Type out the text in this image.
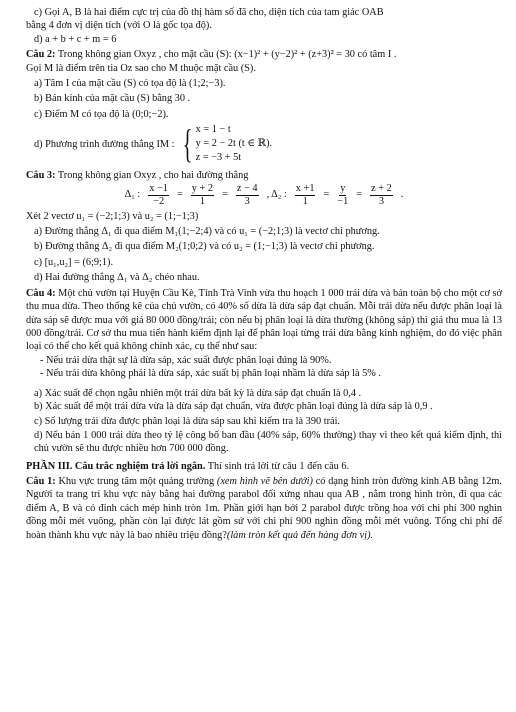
c) Gọi A, B là hai điểm cực trị của đồ thị hàm số đã cho, diện tích của tam giác OAB

bằng 4 đơn vị diện tích (với O là gốc tọa độ).

d) a + b + c + m = 6

Câu 2: Trong không gian Oxyz , cho mặt cầu (S): (x−1)² + (y−2)² + (z+3)² = 30 có tâm I .

Gọi M là điểm trên tia Oz sao cho M thuộc mặt cầu (S).

a) Tâm I của mặt cầu (S) có tọa độ là (1;2;−3).

b) Bán kính của mặt cầu (S) bằng 30 .

c) Điểm M có tọa độ là (0;0;−2).

d) Phương trình đường thẳng IM : { x = 1 − t
y = 2 − 2t (t ∈ ℝ).
z = −3 + 5t

Câu 3: Trong không gian Oxyz , cho hai đường thẳng

Δ₁ : $\frac{x -1}{-2} = \frac{y + 2}{1} = \frac{z - 4}{3}$ , Δ₂ : $\frac{x +1}{1} = \frac{y}{-1} = \frac{z + 2}{3}$ .

Xét 2 vectơ u₁ = (−2;1;3) và u₂ = (1;−1;3)

a) Đường thẳng Δ₁ đi qua điểm M₁(1;−2;4) và có u₁ = (−2;1;3) là vectơ chỉ phương.

b) Đường thẳng Δ₂ đi qua điểm M₂(1;0;2) và có u₂ = (1;−1;3) là vectơ chỉ phương.

c) [u₁,u₂] = (6;9;1).

d) Hai đường thẳng Δ₁ và Δ₂ chéo nhau.

Câu 4: Một chủ vườn tại Huyện Cầu Kè, Tỉnh Trà Vinh vừa thu hoạch 1 000 trái dừa và bán toàn bộ cho một cơ sở thu mua dừa. Theo thống kê của chủ vườn, có 40% số dừa là dừa sáp đạt chuẩn. Mỗi trái dừa nếu được phân loại là dừa sáp sẽ được mua với giá 80 000 đồng/trái; còn nếu bị phân loại là dừa thường (không sáp) thì giá thu mua là 13 000 đồng/trái. Cơ sở thu mua tiến hành kiểm định lại để phân loại từng trái dừa bằng kinh nghiệm, do đó việc phân loại có thể cho kết quả không chính xác, cụ thể như sau:

- Nếu trái dừa thật sự là dừa sáp, xác suất được phân loại đúng là 90%.

- Nếu trái dừa không phải là dừa sáp, xác suất bị phân loại nhầm là dừa sáp là 5% .

a) Xác suất để chọn ngẫu nhiên một trái dừa bất kỳ là dừa sáp đạt chuẩn là 0,4 .

b) Xác suất để một trái dừa vừa là dừa sáp đạt chuẩn, vừa được phân loại đúng là dừa sáp là 0,9 .

c) Số lượng trái dừa được phân loại là dừa sáp sau khi kiểm tra là 390 trái.

d) Nếu bán 1 000 trái dừa theo tỷ lệ công bố ban đầu (40% sáp, 60% thường) thay vì theo kết quả kiểm định, thì chủ vườn sẽ thu được nhiều hơn 700 000 đồng.

PHẦN III. Câu trắc nghiệm trả lời ngắn. Thí sinh trả lời từ câu 1 đến câu 6.

Câu 1: Khu vực trung tâm một quảng trường (xem hình vẽ bên dưới) có dạng hình tròn đường kính AB bằng 12m. Người ta trang trí khu vực này bằng hai đường parabol đối xứng nhau qua AB , nằm trong hình tròn, đi qua các điểm A, B và có đỉnh cách mép hình tròn 1m. Phần giới hạn bởi 2 parabol được trồng hoa với chi phí 300 nghìn đồng mỗi mét vuông, phần còn lại được lát gồm sứ với chi phí 900 nghìn đồng mỗi mét vuông. Tổng chi phí để hoàn thành khu vực này là bao nhiêu triệu đồng?(làm tròn kết quả đến hàng đơn vị).
